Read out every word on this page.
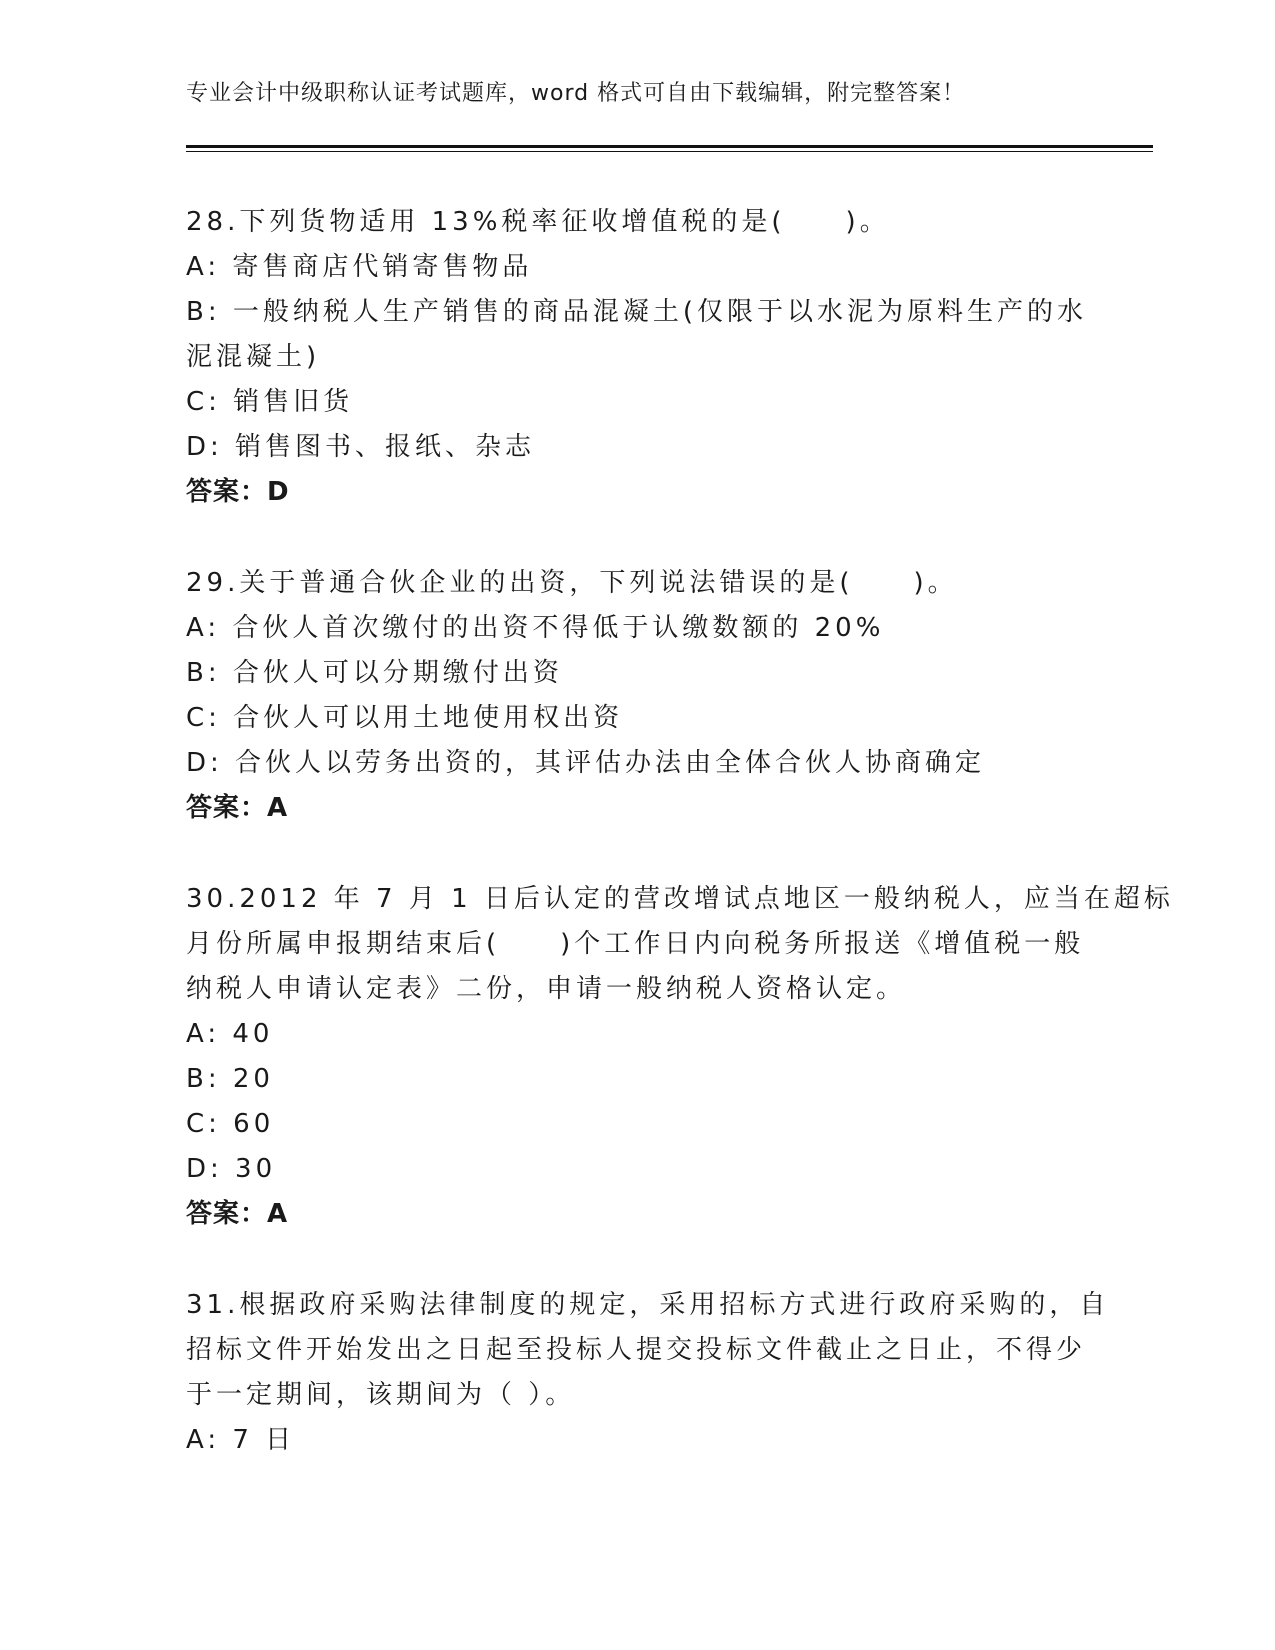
专业会计中级职称认证考试题库，word 格式可自由下载编辑，附完整答案！
28.下列货物适用 13%税率征收增值税的是(　　)。
A: 寄售商店代销寄售物品
B: 一般纳税人生产销售的商品混凝土(仅限于以水泥为原料生产的水
泥混凝土)
C: 销售旧货
D: 销售图书、报纸、杂志
答案：D
29.关于普通合伙企业的出资，下列说法错误的是(　　)。
A: 合伙人首次缴付的出资不得低于认缴数额的 20%
B: 合伙人可以分期缴付出资
C: 合伙人可以用土地使用权出资
D: 合伙人以劳务出资的，其评估办法由全体合伙人协商确定
答案：A
30.2012 年 7 月 1 日后认定的营改增试点地区一般纳税人，应当在超标
月份所属申报期结束后(　　)个工作日内向税务所报送《增值税一般
纳税人申请认定表》二份，申请一般纳税人资格认定。
A: 40
B: 20
C: 60
D: 30
答案：A
31.根据政府采购法律制度的规定，采用招标方式进行政府采购的，自
招标文件开始发出之日起至投标人提交投标文件截止之日止，不得少
于一定期间，该期间为（ ）。
A: 7 日
